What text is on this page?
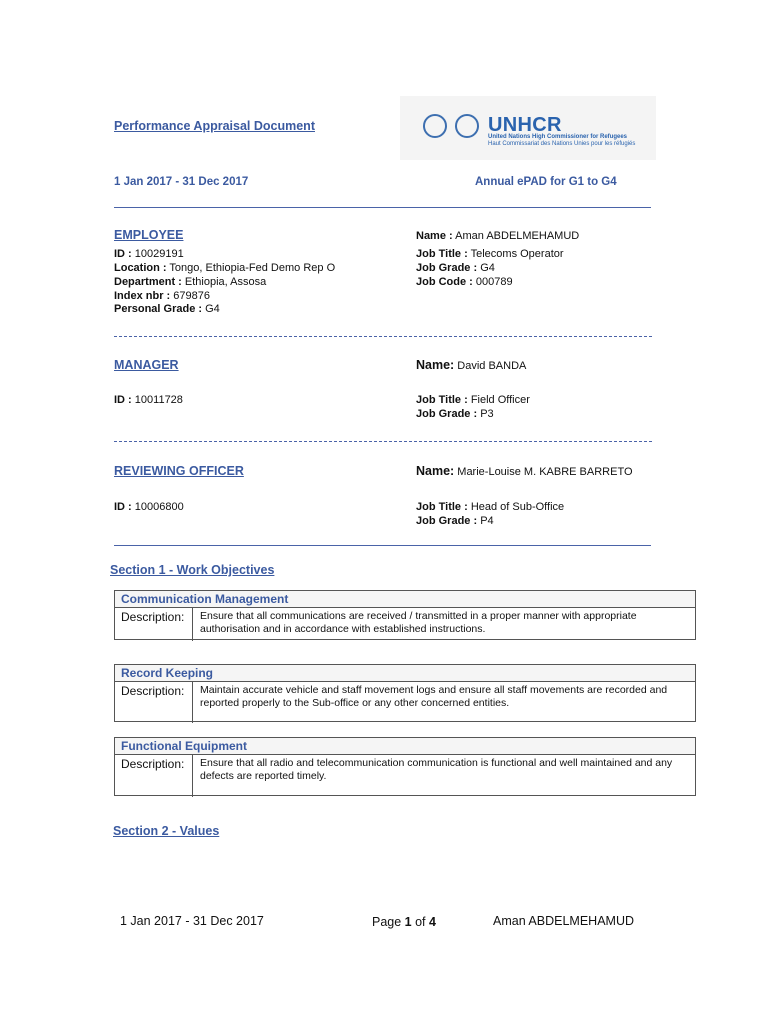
Performance Appraisal Document	UNHCR
United Nations High Commissioner for Refugees
Haut Commissariat des Nations Unies pour les réfugiés
1 Jan 2017 - 31 Dec 2017	Annual ePAD for G1 to G4
EMPLOYEE
ID : 10029191
Location : Tongo, Ethiopia-Fed Demo Rep O
Department : Ethiopia, Assosa
Index nbr : 679876
Personal Grade : G4
Name : Aman ABDELMEHAMUD
Job Title : Telecoms Operator
Job Grade : G4
Job Code : 000789
MANAGER	Name: David BANDA
ID : 10011728	Job Title : Field Officer
Job Grade : P3
REVIEWING OFFICER	Name: Marie-Louise M. KABRE BARRETO
ID : 10006800	Job Title : Head of Sub-Office
Job Grade : P4
Section 1 - Work Objectives
Communication Management
Description:	Ensure that all communications are received / transmitted in a proper manner with appropriate authorisation and in accordance with established instructions.
Record Keeping
Description:	Maintain accurate vehicle and staff movement logs and ensure all staff movements are recorded and reported properly to the Sub-office or any other concerned entities.
Functional Equipment
Description:	Ensure that all radio and telecommunication communication is functional and well maintained and any defects are reported timely.
Section 2 - Values
1 Jan 2017 - 31 Dec 2017	Page 1 of 4	Aman ABDELMEHAMUD
